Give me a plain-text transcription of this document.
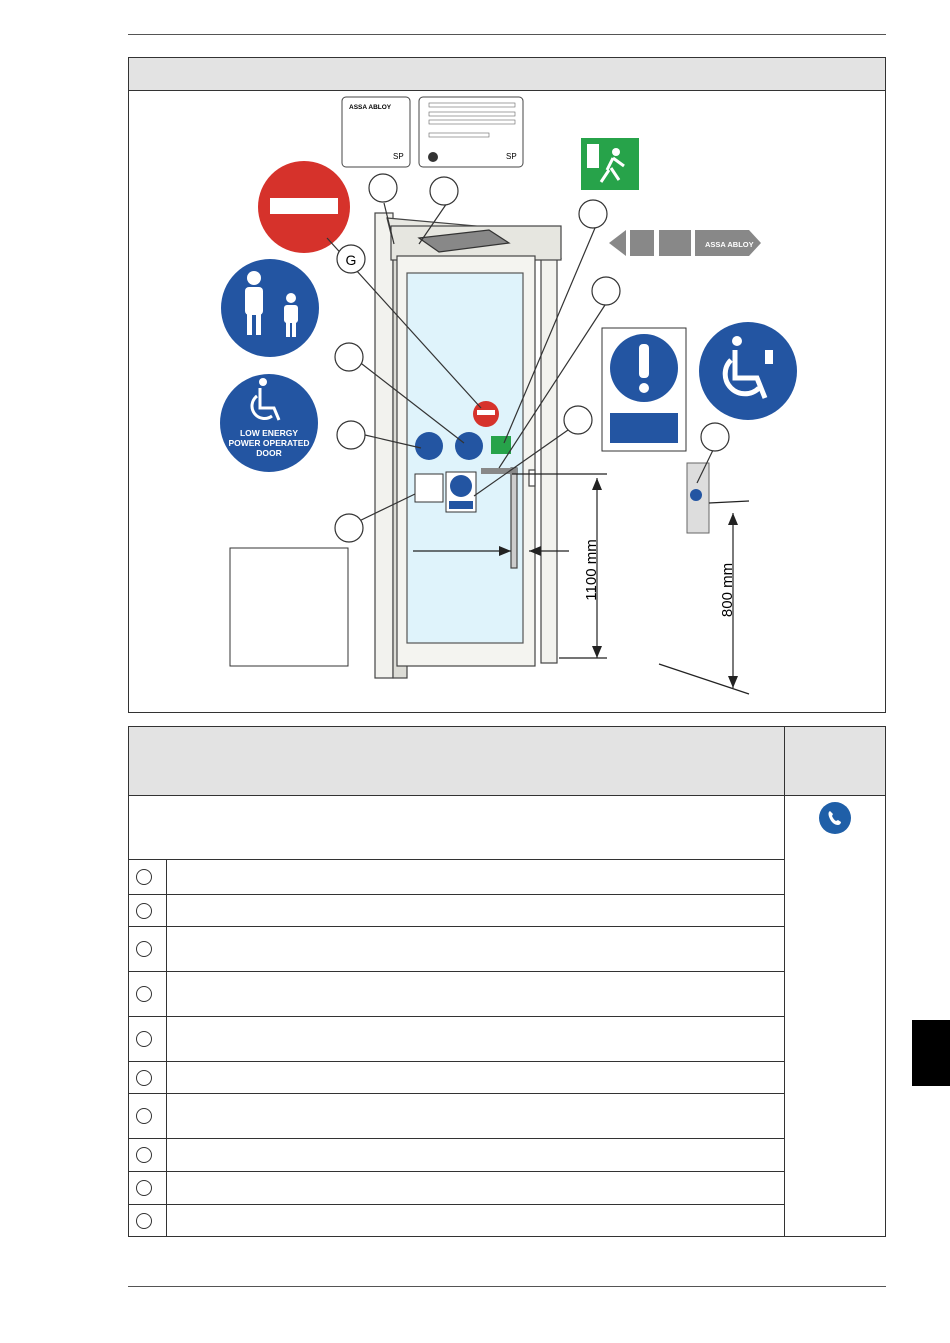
ASSA ABLOY
SP	SP
LOW ENERGY
POWER OPERATED
DOOR
ASSA ABLOY
G
1100 mm	800 mm
